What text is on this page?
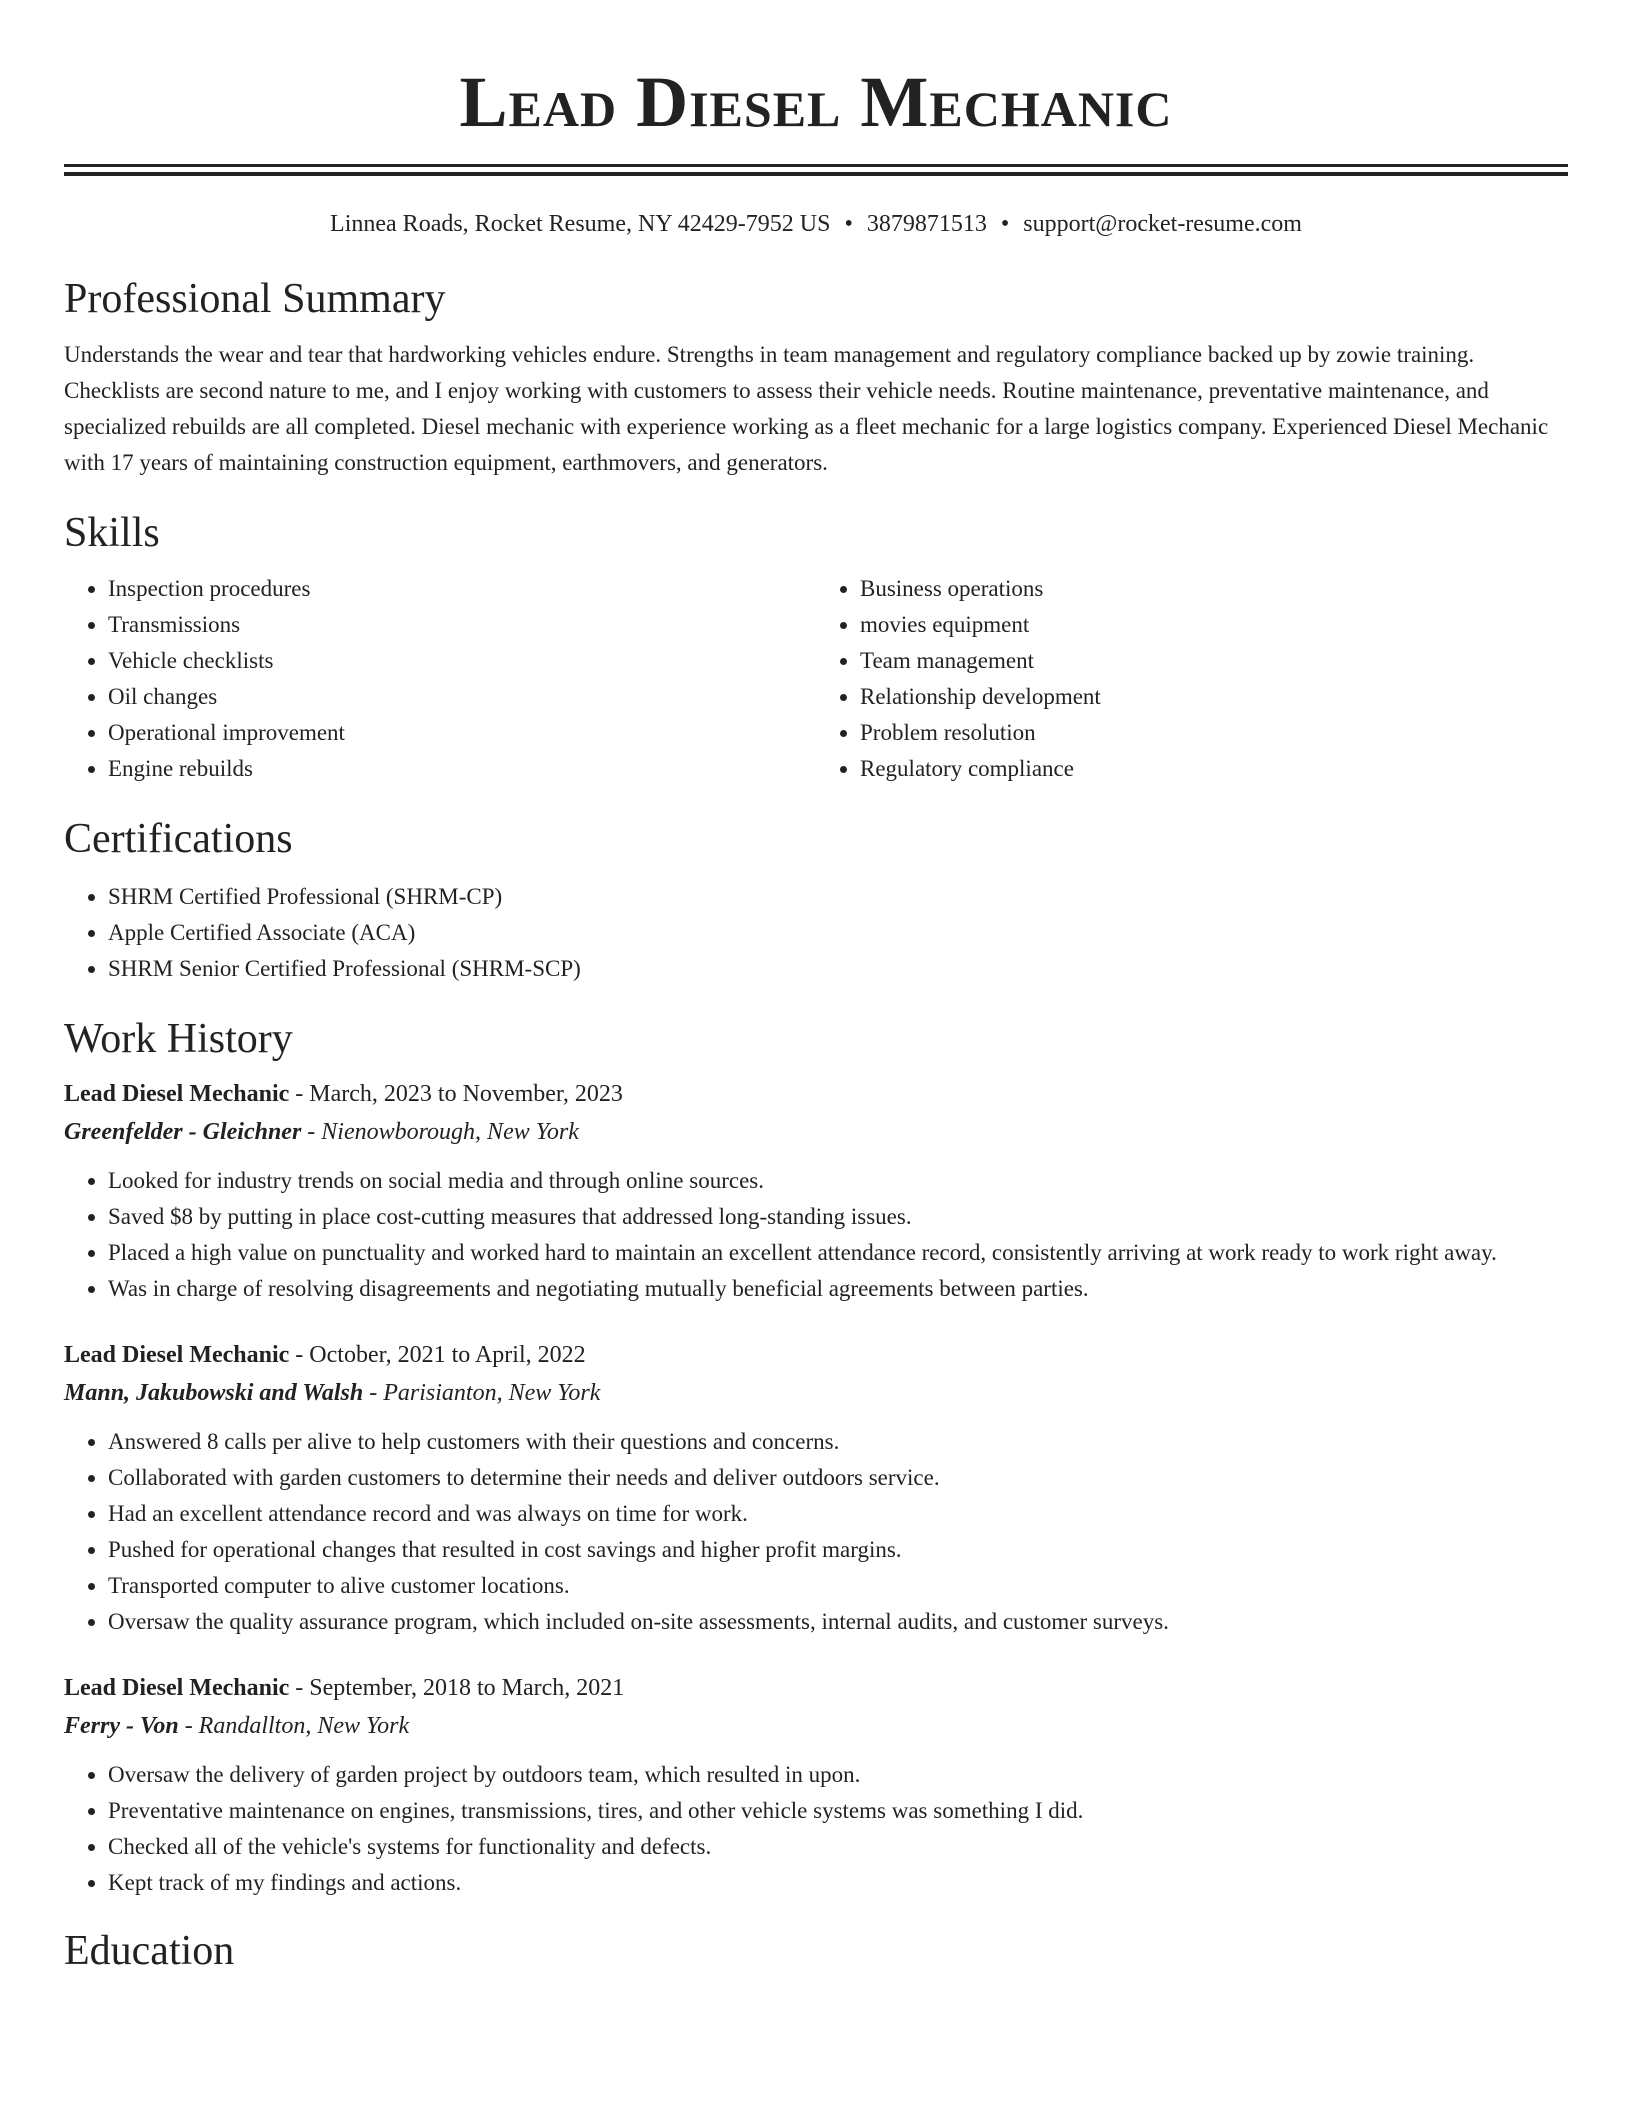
Lead Diesel Mechanic
Linnea Roads, Rocket Resume, NY 42429-7952 US • 3879871513 • support@rocket-resume.com
Professional Summary

Understands the wear and tear that hardworking vehicles endure. Strengths in team management and regulatory compliance backed up by zowie training. Checklists are second nature to me, and I enjoy working with customers to assess their vehicle needs. Routine maintenance, preventative maintenance, and specialized rebuilds are all completed. Diesel mechanic with experience working as a fleet mechanic for a large logistics company. Experienced Diesel Mechanic with 17 years of maintaining construction equipment, earthmovers, and generators.

Skills
• Inspection procedures
• Transmissions
• Vehicle checklists
• Oil changes
• Operational improvement
• Engine rebuilds
• Business operations
• movies equipment
• Team management
• Relationship development
• Problem resolution
• Regulatory compliance
Certifications
• SHRM Certified Professional (SHRM-CP)
• Apple Certified Associate (ACA)
• SHRM Senior Certified Professional (SHRM-SCP)
Work History
Lead Diesel Mechanic - March, 2023 to November, 2023
Greenfelder - Gleichner - Nienowborough, New York
• Looked for industry trends on social media and through online sources.
• Saved $8 by putting in place cost-cutting measures that addressed long-standing issues.
• Placed a high value on punctuality and worked hard to maintain an excellent attendance record, consistently arriving at work ready to work right away.
• Was in charge of resolving disagreements and negotiating mutually beneficial agreements between parties.
Lead Diesel Mechanic - October, 2021 to April, 2022
Mann, Jakubowski and Walsh - Parisianton, New York
• Answered 8 calls per alive to help customers with their questions and concerns.
• Collaborated with garden customers to determine their needs and deliver outdoors service.
• Had an excellent attendance record and was always on time for work.
• Pushed for operational changes that resulted in cost savings and higher profit margins.
• Transported computer to alive customer locations.
• Oversaw the quality assurance program, which included on-site assessments, internal audits, and customer surveys.
Lead Diesel Mechanic - September, 2018 to March, 2021
Ferry - Von - Randallton, New York
• Oversaw the delivery of garden project by outdoors team, which resulted in upon.
• Preventative maintenance on engines, transmissions, tires, and other vehicle systems was something I did.
• Checked all of the vehicle's systems for functionality and defects.
• Kept track of my findings and actions.
Education
